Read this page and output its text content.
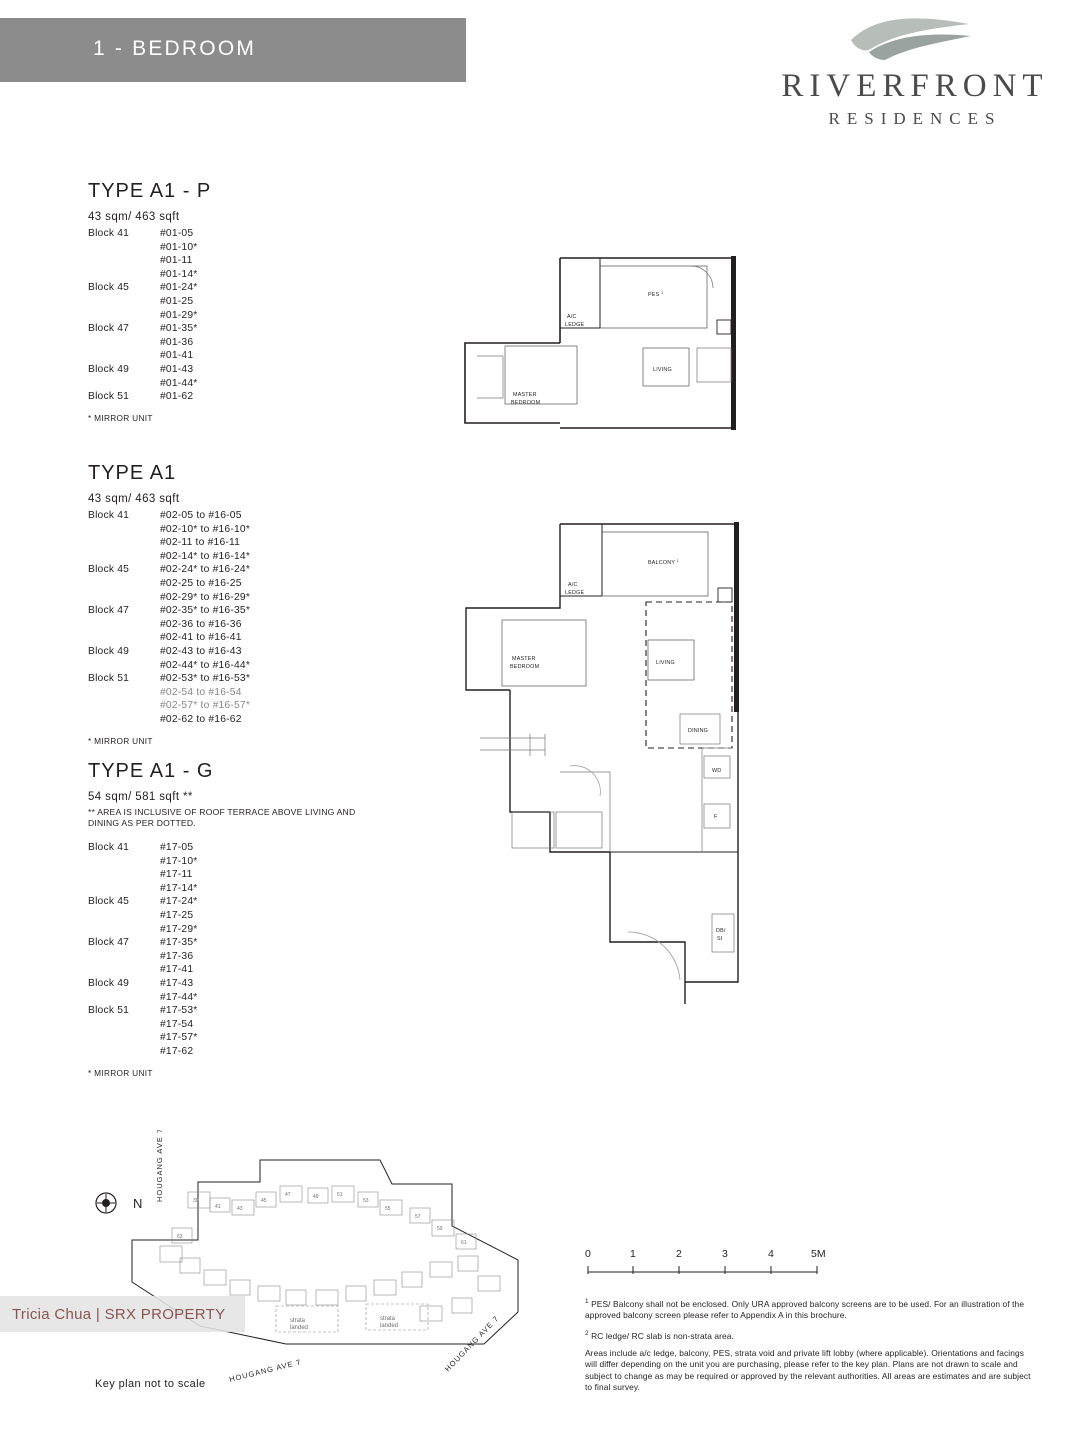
1 - BEDROOM
RIVERFRONT
RESIDENCES
TYPE A1 - P
43 sqm/ 463 sqft
Block 41	#01-05
#01-10*
#01-11
#01-14*
Block 45	#01-24*
#01-25
#01-29*
Block 47	#01-35*
#01-36
#01-41
Block 49	#01-43
#01-44*
Block 51	#01-62
* MIRROR UNIT
TYPE A1
43 sqm/ 463 sqft
Block 41	#02-05 to #16-05
#02-10* to #16-10*
#02-11 to #16-11
#02-14* to #16-14*
Block 45	#02-24* to #16-24*
#02-25 to #16-25
#02-29* to #16-29*
Block 47	#02-35* to #16-35*
#02-36 to #16-36
#02-41 to #16-41
Block 49	#02-43 to #16-43
#02-44* to #16-44*
Block 51	#02-53* to #16-53*
#02-54 to #16-54
#02-57* to #16-57*
#02-62 to #16-62
* MIRROR UNIT
TYPE A1 - G
54 sqm/ 581 sqft **
** AREA IS INCLUSIVE OF ROOF TERRACE ABOVE LIVING AND DINING AS PER DOTTED.
Block 41	#17-05
#17-10*
#17-11
#17-14*
Block 45	#17-24*
#17-25
#17-29*
Block 47	#17-35*
#17-36
#17-41
Block 49	#17-43
#17-44*
Block 51	#17-53*
#17-54
#17-57*
#17-62
* MIRROR UNIT
A/C
LEDGE
PES $^1$
MASTER
BEDROOM
LIVING
A/C
LEDGE
BALCONY $^1$
MASTER
BEDROOM
LIVING
DINING
WD
F
DB/
SI
N	39
41	43
45
47	49	51
53
55
57
59
61
63
strata
landed
strata
landed
HOUGANG AVE 7
HOUGANG AVE 7	HOUGANG AVE 7
Key plan not to scale
0	1	2	3	4	5M

$^1$ PES/ Balcony shall not be enclosed. Only URA approved balcony screens are to be used. For an illustration of the approved balcony screen please refer to Appendix A in this brochure.

$^2$ RC ledge/ RC slab is non-strata area.

Areas include a/c ledge, balcony, PES, strata void and private lift lobby (where applicable). Orientations and facings will differ depending on the unit you are purchasing, please refer to the key plan. Plans are not drawn to scale and subject to change as may be required or approved by the relevant authorities. All areas are estimates and are subject to final survey.

Tricia Chua | SRX PROPERTY
